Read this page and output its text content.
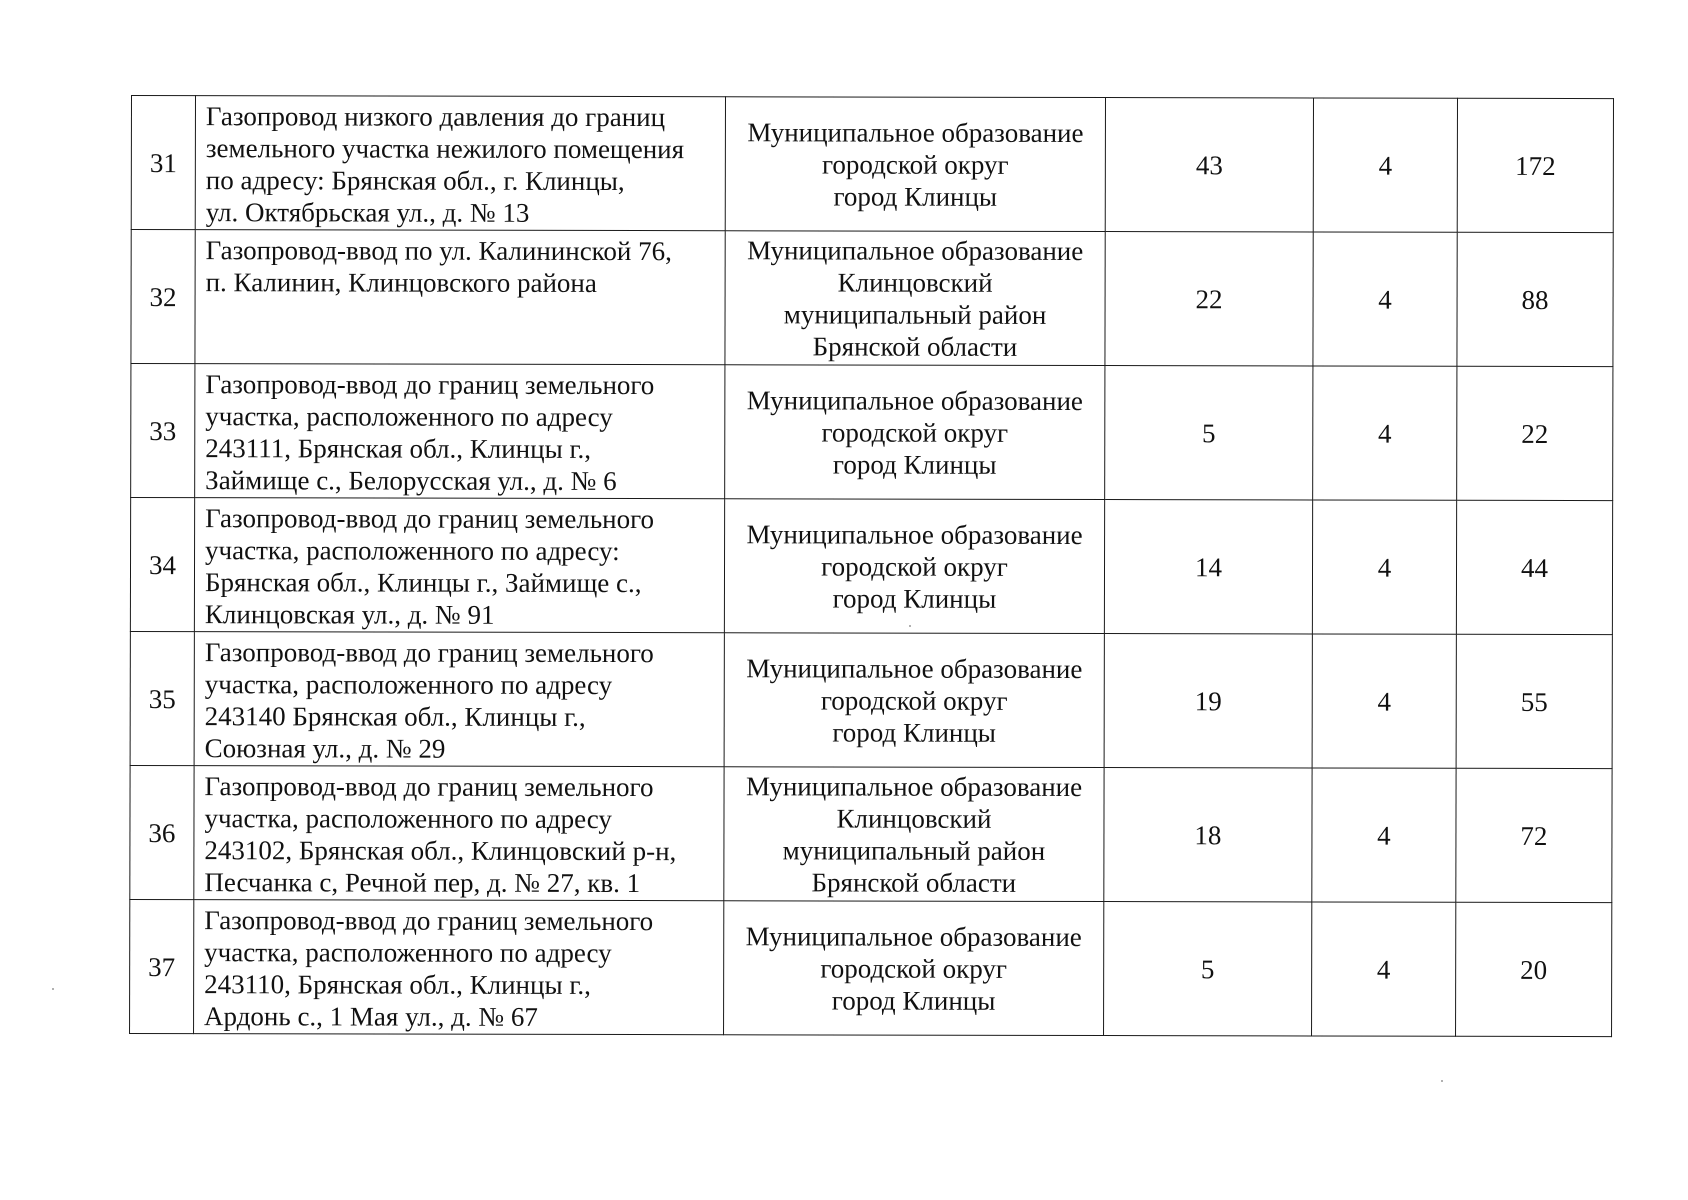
31	Газопровод низкого давления до границ
земельного участка нежилого помещения
по адресу: Брянская обл., г. Клинцы,
ул. Октябрьская ул., д. № 13	Муниципальное образование
городской округ
город Клинцы	43	4	172
32	Газопровод-ввод по ул. Калининской 76,
п. Калинин, Клинцовского района	Муниципальное образование
Клинцовский
муниципальный район
Брянской области	22	4	88
33	Газопровод-ввод до границ земельного
участка, расположенного по адресу
243111, Брянская обл., Клинцы г.,
Займище с., Белорусская ул., д. № 6	Муниципальное образование
городской округ
город Клинцы	5	4	22
34	Газопровод-ввод до границ земельного
участка, расположенного по адресу:
Брянская обл., Клинцы г., Займище с.,
Клинцовская ул., д. № 91	Муниципальное образование
городской округ
город Клинцы	14	4	44
35	Газопровод-ввод до границ земельного
участка, расположенного по адресу
243140 Брянская обл., Клинцы г.,
Союзная ул., д. № 29	Муниципальное образование
городской округ
город Клинцы	19	4	55
36	Газопровод-ввод до границ земельного
участка, расположенного по адресу
243102, Брянская обл., Клинцовский р-н,
Песчанка с, Речной пер, д. № 27, кв. 1	Муниципальное образование
Клинцовский
муниципальный район
Брянской области	18	4	72
37	Газопровод-ввод до границ земельного
участка, расположенного по адресу
243110, Брянская обл., Клинцы г.,
Ардонь с., 1 Мая ул., д. № 67	Муниципальное образование
городской округ
город Клинцы	5	4	20
